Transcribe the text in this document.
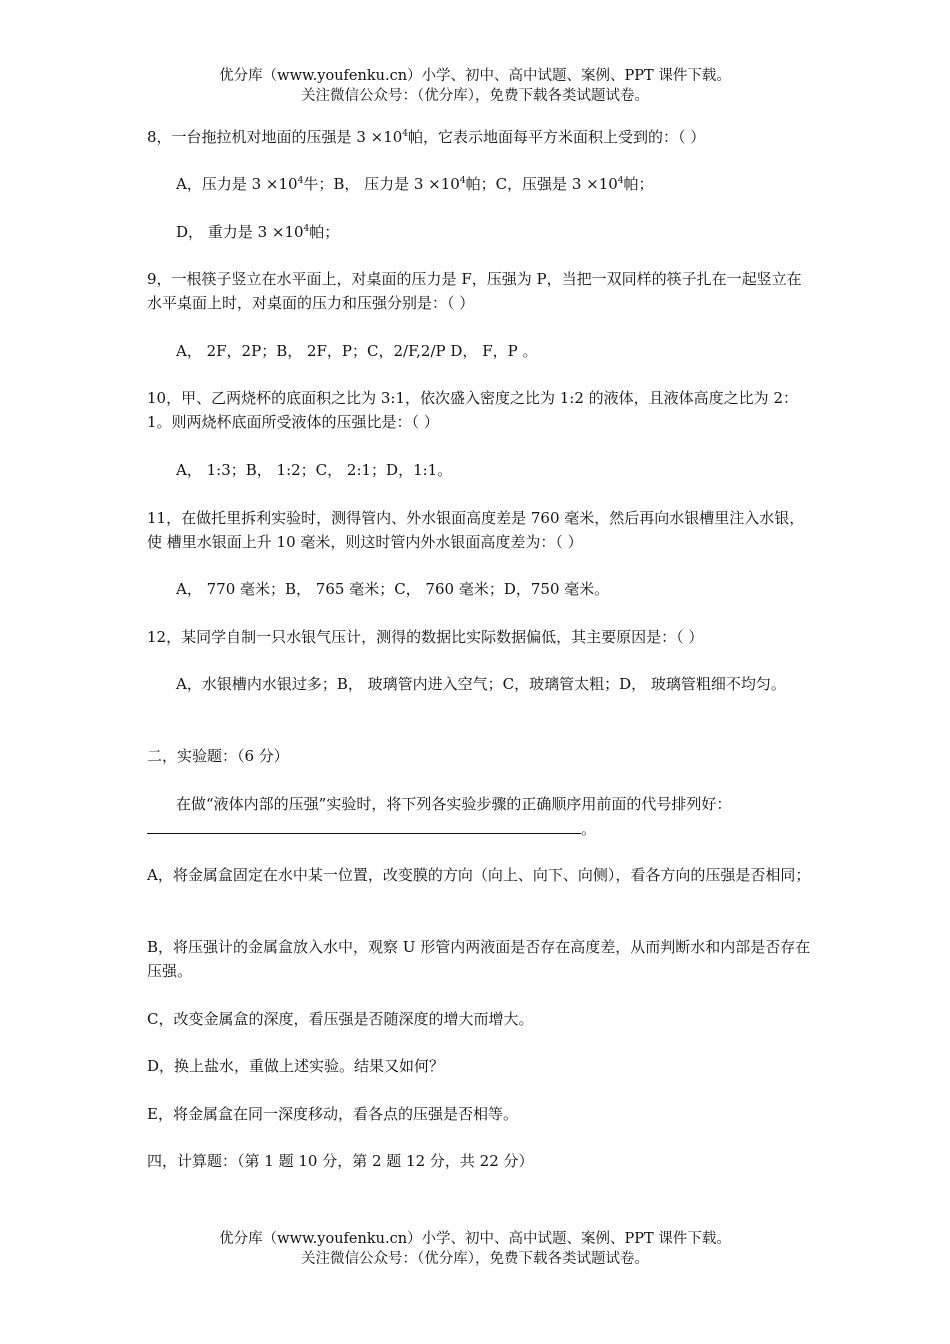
优分库（www.youfenku.cn）小学、初中、高中试题、案例、PPT 课件下载。
关注微信公众号：（优分库），免费下载各类试题试卷。
8，一台拖拉机对地面的压强是 $3 \times 10^4$帕，它表示地面每平方米面积上受到的：（ ）
A，压力是 $3 \times 10^4$牛；B， 压力是 $3 \times 10^4$帕；C，压强是 $3 \times 10^4$帕；
D， 重力是 $3 \times 10^4$帕；
9，一根筷子竖立在水平面上，对桌面的压力是 F，压强为 P，当把一双同样的筷子扎在一起竖立在水平桌面上时，对桌面的压力和压强分别是：（ ）
A， 2F，2P；B， 2F，P；C，2/F,2/P D， F，P 。
10，甲、乙两烧杯的底面积之比为 3:1，依次盛入密度之比为 1:2 的液体，且液体高度之比为 2：1。则两烧杯底面所受液体的压强比是：（ ）
A， 1:3；B， 1:2；C， 2:1；D，1:1。
11，在做托里拆利实验时，测得管内、外水银面高度差是 760 毫米，然后再向水银槽里注入水银，使 槽里水银面上升 10 毫米，则这时管内外水银面高度差为：（ ）
A， 770 毫米；B， 765 毫米；C， 760 毫米；D，750 毫米。
12，某同学自制一只水银气压计，测得的数据比实际数据偏低，其主要原因是：（ ）
A，水银槽内水银过多；B， 玻璃管内进入空气；C，玻璃管太粗；D， 玻璃管粗细不均匀。
二，实验题：（6 分）
在做“液体内部的压强”实验时，将下列各实验步骤的正确顺序用前面的代号排列好：
。
A，将金属盒固定在水中某一位置，改变膜的方向（向上、向下、向侧），看各方向的压强是否相同；
B，将压强计的金属盒放入水中，观察 U 形管内两液面是否存在高度差，从而判断水和内部是否存在压强。
C，改变金属盒的深度，看压强是否随深度的增大而增大。
D，换上盐水，重做上述实验。结果又如何？
E，将金属盒在同一深度移动，看各点的压强是否相等。
四，计算题：（第 1 题 10 分，第 2 题 12 分，共 22 分）
优分库（www.youfenku.cn）小学、初中、高中试题、案例、PPT 课件下载。
关注微信公众号：（优分库），免费下载各类试题试卷。
